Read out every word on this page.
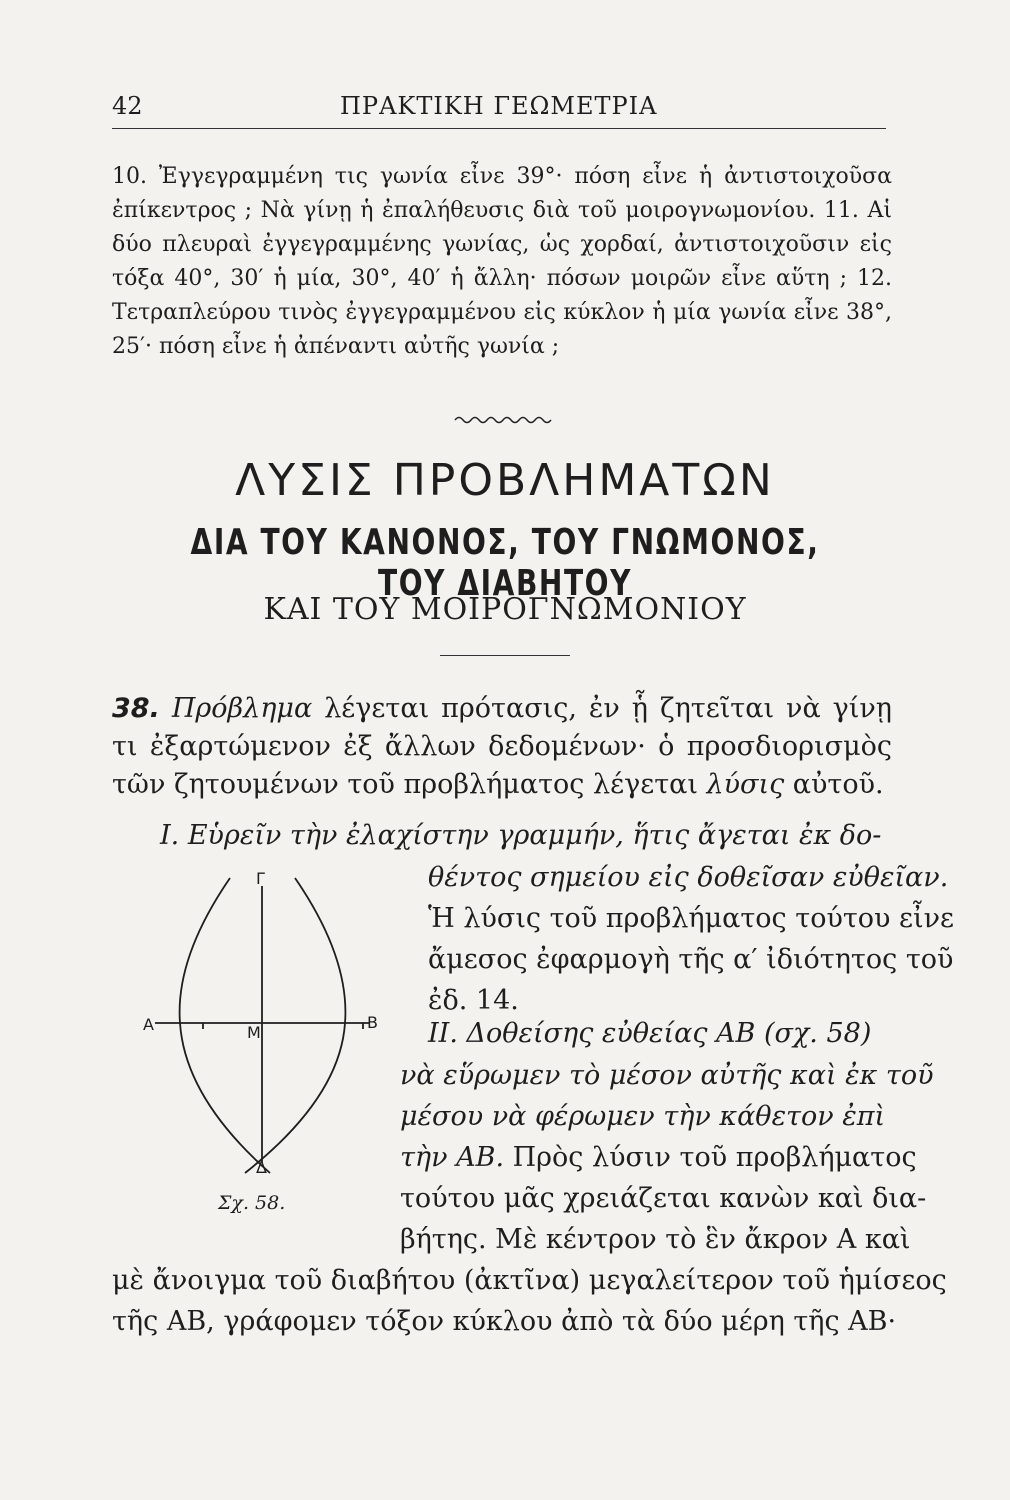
42	ΠΡΑΚΤΙΚΗ ΓΕΩΜΕΤΡΙΑ
10. Ἐγγεγραμμένη τις γωνία εἶνε 39°· πόση εἶνε ἡ ἀντιστοιχοῦσα ἐπίκεντρος ; Νὰ γίνῃ ἡ ἐπαλήθευσις διὰ τοῦ μοιρογνωμονίου. 11. Αἱ δύο πλευραὶ ἐγγεγραμμένης γωνίας, ὡς χορδαί, ἀντιστοιχοῦσιν εἰς τόξα 40°, 30′ ἡ μία, 30°, 40′ ἡ ἄλλη· πόσων μοιρῶν εἶνε αὕτη ; 12. Τετραπλεύρου τινὸς ἐγγεγραμμένου εἰς κύκλον ἡ μία γωνία εἶνε 38°, 25′· πόση εἶνε ἡ ἀπέναντι αὐτῆς γωνία ;
ΛΥΣΙΣ ΠΡΟΒΛΗΜΑΤΩΝ
ΔΙΑ ΤΟΥ ΚΑΝΟΝΟΣ, ΤΟΥ ΓΝΩΜΟΝΟΣ, ΤΟΥ ΔΙΑΒΗΤΟΥ
ΚΑΙ ΤΟΥ ΜΟΙΡΟΓΝΩΜΟΝΙΟΥ
38. Πρόβλημα λέγεται πρότασις, ἐν ᾗ ζητεῖται νὰ γίνῃ τι ἐξαρτώμενον ἐξ ἄλλων δεδομένων· ὁ προσδιορισμὸς τῶν ζητουμένων τοῦ προβλήματος λέγεται λύσις αὐτοῦ.
I. Εὑρεῖν τὴν ἐλαχίστην γραμμήν, ἥτις ἄγεται ἐκ δο-
θέντος σημείου εἰς δοθεῖσαν εὐθεῖαν.
Ἡ λύσις τοῦ προβλήματος τούτου εἶνε
ἄμεσος ἐφαρμογὴ τῆς α′ ἰδιότητος τοῦ
ἐδ. 14.
II. Δοθείσης εὐθείας ΑΒ (σχ. 58)
νὰ εὕρωμεν τὸ μέσον αὐτῆς καὶ ἐκ τοῦ
μέσου νὰ φέρωμεν τὴν κάθετον ἐπὶ
τὴν ΑΒ. Πρὸς λύσιν τοῦ προβλήματος
τούτου μᾶς χρειάζεται κανὼν καὶ δια-
βήτης. Μὲ κέντρον τὸ ἓν ἄκρον Α καὶ
μὲ ἄνοιγμα τοῦ διαβήτου (ἀκτῖνα) μεγαλείτερον τοῦ ἡμίσεος
τῆς ΑΒ, γράφομεν τόξον κύκλου ἀπὸ τὰ δύο μέρη τῆς ΑΒ·
Α	Β
Μ
Γ
Δ
Σχ. 58.
